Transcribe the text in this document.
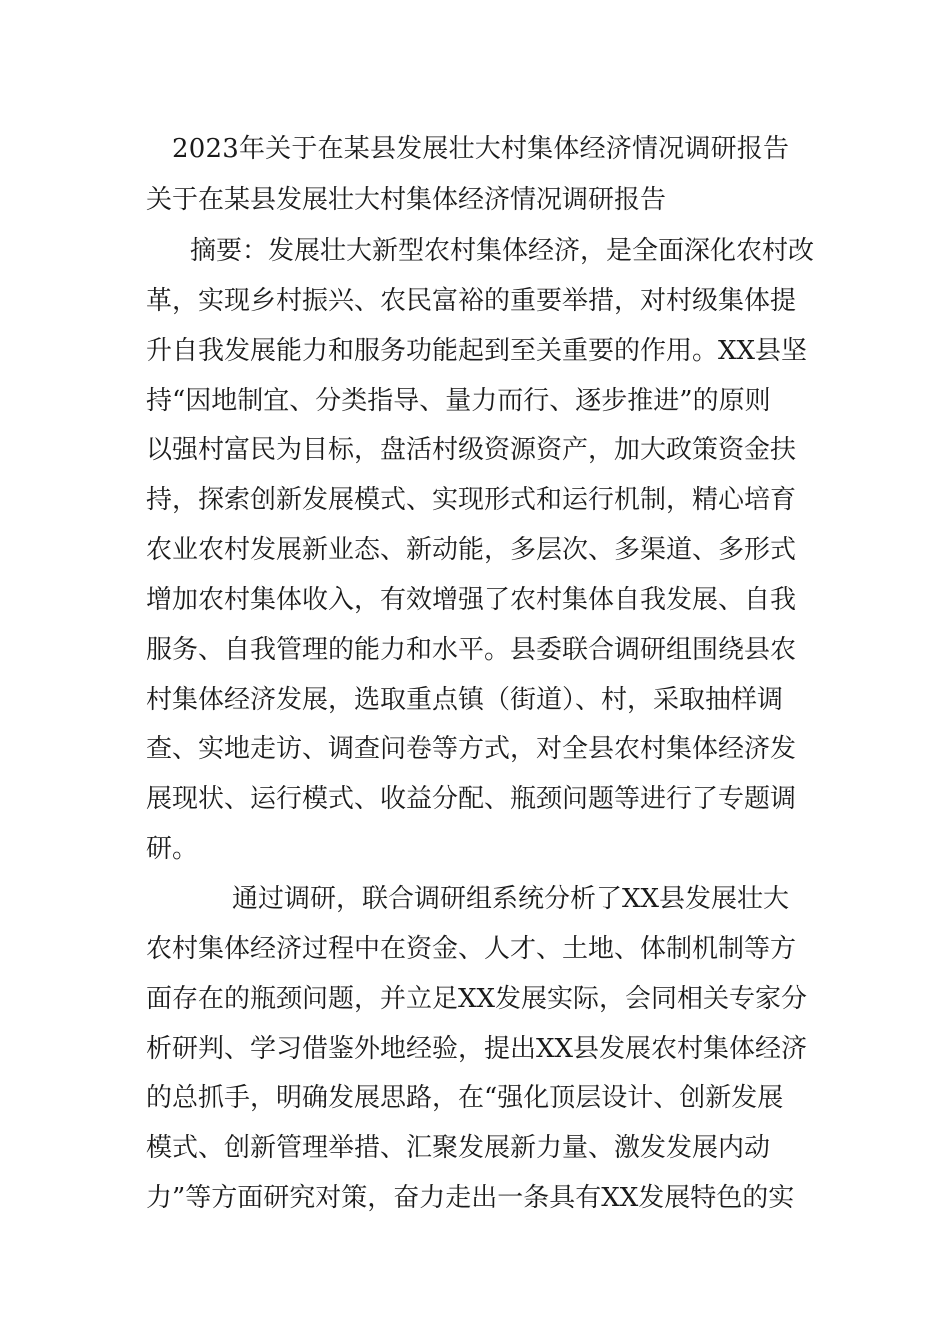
2023年关于在某县发展壮大村集体经济情况调研报告
关于在某县发展壮大村集体经济情况调研报告
摘要：发展壮大新型农村集体经济，是全面深化农村改
革，实现乡村振兴、农民富裕的重要举措，对村级集体提
升自我发展能力和服务功能起到至关重要的作用。XX县坚
持“因地制宜、分类指导、量力而行、逐步推进”的原则
以强村富民为目标，盘活村级资源资产，加大政策资金扶
持，探索创新发展模式、实现形式和运行机制，精心培育
农业农村发展新业态、新动能，多层次、多渠道、多形式
增加农村集体收入，有效增强了农村集体自我发展、自我
服务、自我管理的能力和水平。县委联合调研组围绕县农
村集体经济发展，选取重点镇（街道）、村，采取抽样调
查、实地走访、调查问卷等方式，对全县农村集体经济发
展现状、运行模式、收益分配、瓶颈问题等进行了专题调
研。
通过调研，联合调研组系统分析了XX县发展壮大
农村集体经济过程中在资金、人才、土地、体制机制等方
面存在的瓶颈问题，并立足XX发展实际，会同相关专家分
析研判、学习借鉴外地经验，提出XX县发展农村集体经济
的总抓手，明确发展思路，在“强化顶层设计、创新发展
模式、创新管理举措、汇聚发展新力量、激发发展内动
力”等方面研究对策，奋力走出一条具有XX发展特色的实
